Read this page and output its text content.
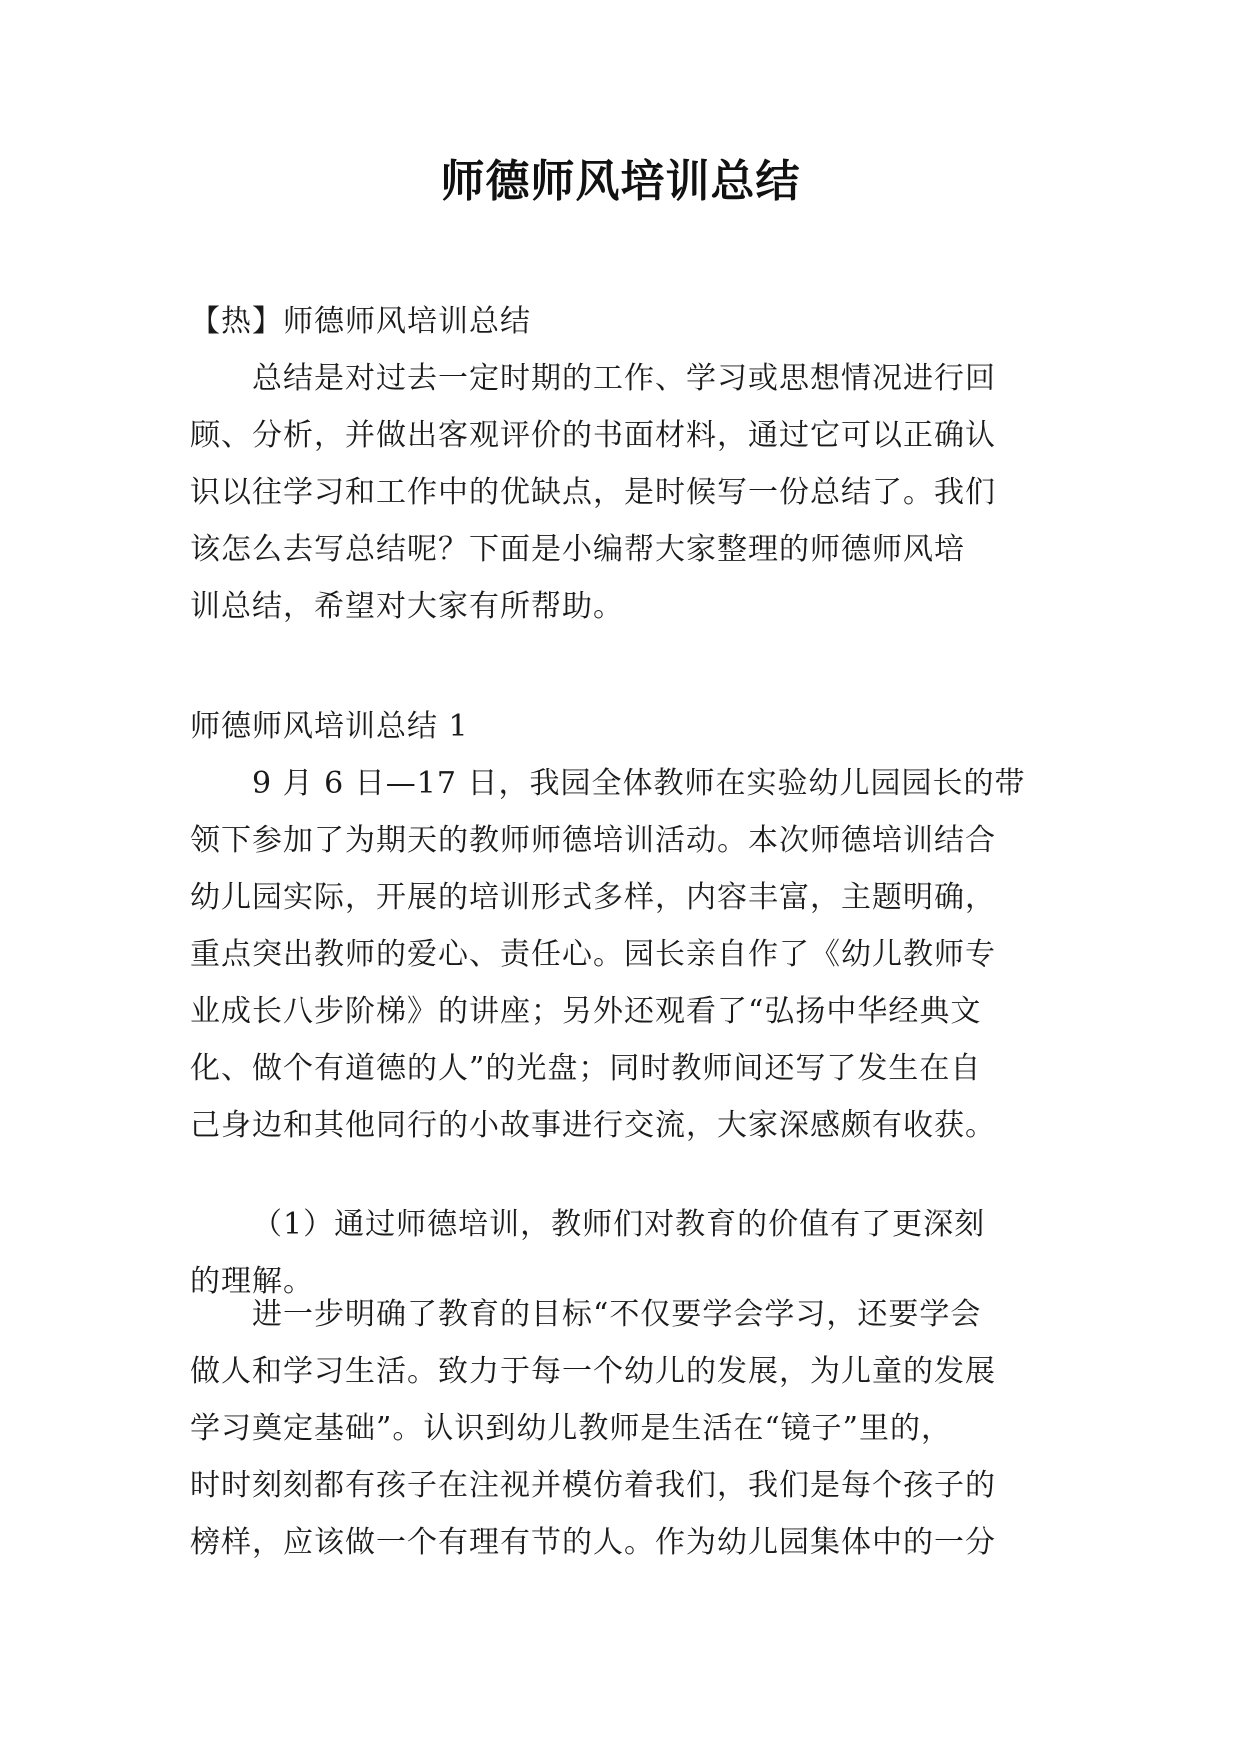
师德师风培训总结
【热】师德师风培训总结
总结是对过去一定时期的工作、学习或思想情况进行回
顾、分析，并做出客观评价的书面材料，通过它可以正确认
识以往学习和工作中的优缺点，是时候写一份总结了。我们
该怎么去写总结呢？下面是小编帮大家整理的师德师风培
训总结，希望对大家有所帮助。
师德师风培训总结 1
9 月 6 日—17 日，我园全体教师在实验幼儿园园长的带
领下参加了为期天的教师师德培训活动。本次师德培训结合
幼儿园实际，开展的培训形式多样，内容丰富，主题明确，
重点突出教师的爱心、责任心。园长亲自作了《幼儿教师专
业成长八步阶梯》的讲座；另外还观看了“弘扬中华经典文
化、做个有道德的人”的光盘；同时教师间还写了发生在自
己身边和其他同行的小故事进行交流，大家深感颇有收获。
（1）通过师德培训，教师们对教育的价值有了更深刻
的理解。
进一步明确了教育的目标“不仅要学会学习，还要学会
做人和学习生活。致力于每一个幼儿的发展，为儿童的发展
学习奠定基础”。认识到幼儿教师是生活在“镜子”里的，
时时刻刻都有孩子在注视并模仿着我们，我们是每个孩子的
榜样，应该做一个有理有节的人。作为幼儿园集体中的一分
